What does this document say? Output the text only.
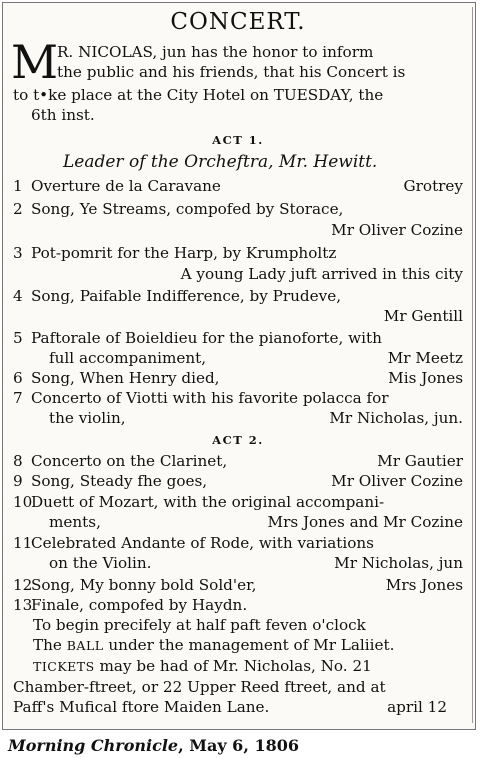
CONCERT.
M
R. NICOLAS, jun has the honor to inform
the public and his friends, that his Concert is
to t•ke place at the City Hotel on TUESDAY, the
6th inst.
ACT 1.
Leader of the Orcheftra, Mr. Hewitt.
1 Overture de la Caravane	Grotrey
2 Song, Ye Streams, compofed by Storace,
Mr Oliver Cozine
3 Pot-pomrit for the Harp, by Krumpholtz
A young Lady juft arrived in this city
4 Song, Paifable Indifference, by Prudeve,
Mr Gentill
5 Paftorale of Boieldieu for the pianoforte, with
full accompaniment,	Mr Meetz
6 Song, When Henry died,	Mis Jones
7 Concerto of Viotti with his favorite polacca for
the violin,	Mr Nicholas, jun.
ACT 2.
8 Concerto on the Clarinet,	Mr Gautier
9 Song, Steady fhe goes,	Mr Oliver Cozine
10Duett of Mozart, with the original accompani-
ments,	Mrs Jones and Mr Cozine
11Celebrated Andante of Rode, with variations
on the Violin.	Mr Nicholas, jun
12Song, My bonny bold Sold'er,	Mrs Jones
13Finale, compofed by Haydn.
To begin precifely at half paft feven o'clock
The BALL under the management of Mr Laliiet.
TICKETS may be had of Mr. Nicholas, No. 21
Chamber-ftreet, or 22 Upper Reed ftreet, and at
Paff's Mufical ftore Maiden Lane.	april 12
Morning Chronicle, May 6, 1806
